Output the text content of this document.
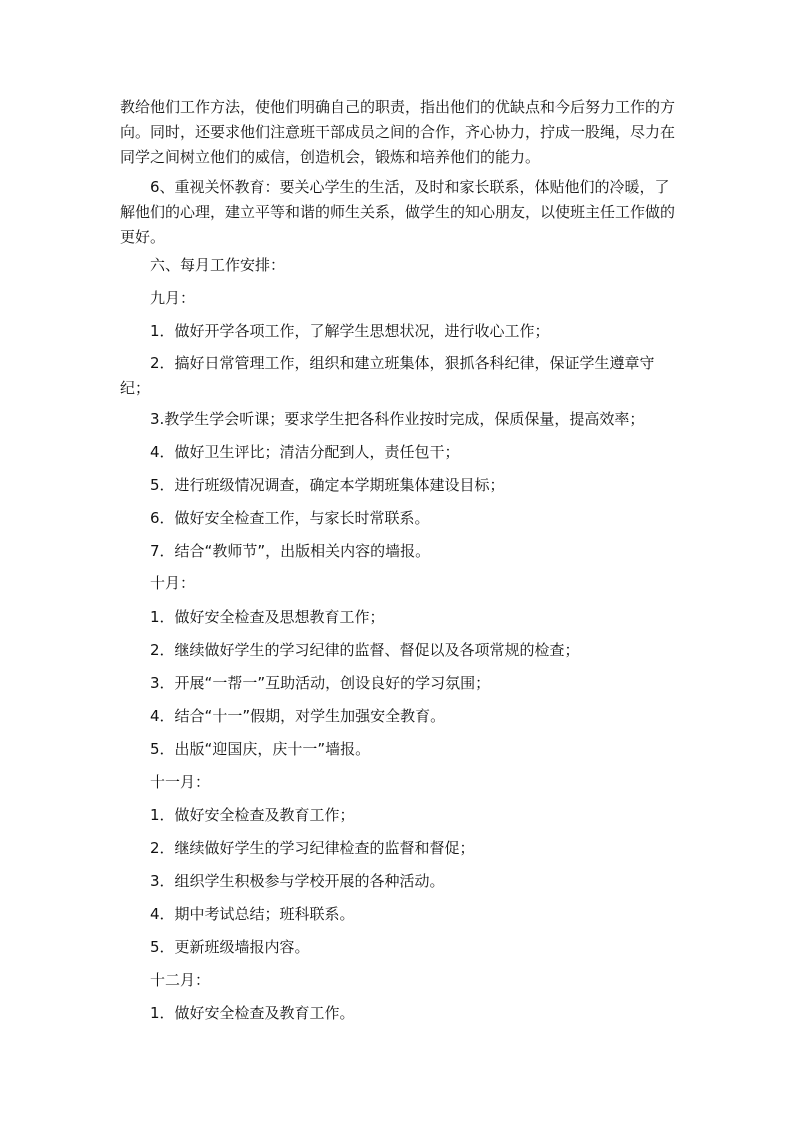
教给他们工作方法，使他们明确自己的职责，指出他们的优缺点和今后努力工作的方向。同时，还要求他们注意班干部成员之间的合作，齐心协力，拧成一股绳，尽力在同学之间树立他们的威信，创造机会，锻炼和培养他们的能力。
6、重视关怀教育：要关心学生的生活，及时和家长联系，体贴他们的冷暖，了解他们的心理，建立平等和谐的师生关系，做学生的知心朋友，以使班主任工作做的更好。
六、每月工作安排：
九月：
1．做好开学各项工作，了解学生思想状况，进行收心工作；
2．搞好日常管理工作，组织和建立班集体，狠抓各科纪律，保证学生遵章守纪；
3.教学生学会听课；要求学生把各科作业按时完成，保质保量，提高效率；
4．做好卫生评比；清洁分配到人，责任包干；
5．进行班级情况调查，确定本学期班集体建设目标；
6．做好安全检查工作，与家长时常联系。
7．结合“教师节”，出版相关内容的墙报。
十月：
1．做好安全检查及思想教育工作；
2．继续做好学生的学习纪律的监督、督促以及各项常规的检查；
3．开展“一帮一”互助活动，创设良好的学习氛围；
4．结合“十一”假期，对学生加强安全教育。
5．出版“迎国庆，庆十一”墙报。
十一月：
1．做好安全检查及教育工作；
2．继续做好学生的学习纪律检查的监督和督促；
3．组织学生积极参与学校开展的各种活动。
4．期中考试总结；班科联系。
5．更新班级墙报内容。
十二月：
1．做好安全检查及教育工作。
